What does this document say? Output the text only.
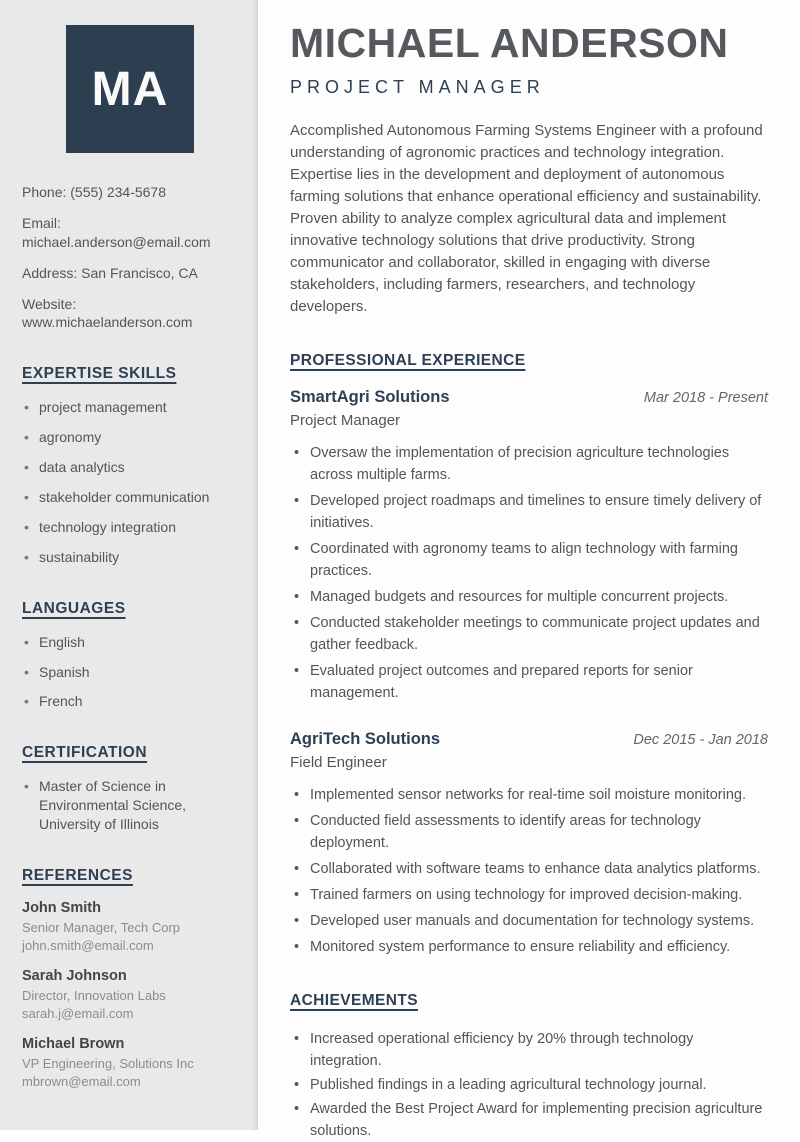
MA
Phone: (555) 234-5678
Email: michael.anderson@email.com
Address: San Francisco, CA
Website: www.michaelanderson.com
EXPERTISE SKILLS
• project management
• agronomy
• data analytics
• stakeholder communication
• technology integration
• sustainability
LANGUAGES
• English
• Spanish
• French
CERTIFICATION
• Master of Science in Environmental Science, University of Illinois
REFERENCES
John Smith
Senior Manager, Tech Corp
john.smith@email.com
Sarah Johnson
Director, Innovation Labs
sarah.j@email.com
Michael Brown
VP Engineering, Solutions Inc
mbrown@email.com
MICHAEL ANDERSON
PROJECT MANAGER

Accomplished Autonomous Farming Systems Engineer with a profound understanding of agronomic practices and technology integration. Expertise lies in the development and deployment of autonomous farming solutions that enhance operational efficiency and sustainability. Proven ability to analyze complex agricultural data and implement innovative technology solutions that drive productivity. Strong communicator and collaborator, skilled in engaging with diverse stakeholders, including farmers, researchers, and technology developers.

PROFESSIONAL EXPERIENCE
SmartAgri Solutions	Mar 2018 - Present
Project Manager
• Oversaw the implementation of precision agriculture technologies across multiple farms.
• Developed project roadmaps and timelines to ensure timely delivery of initiatives.
• Coordinated with agronomy teams to align technology with farming practices.
• Managed budgets and resources for multiple concurrent projects.
• Conducted stakeholder meetings to communicate project updates and gather feedback.
• Evaluated project outcomes and prepared reports for senior management.
AgriTech Solutions	Dec 2015 - Jan 2018
Field Engineer
• Implemented sensor networks for real-time soil moisture monitoring.
• Conducted field assessments to identify areas for technology deployment.
• Collaborated with software teams to enhance data analytics platforms.
• Trained farmers on using technology for improved decision-making.
• Developed user manuals and documentation for technology systems.
• Monitored system performance to ensure reliability and efficiency.
ACHIEVEMENTS
• Increased operational efficiency by 20% through technology integration.
• Published findings in a leading agricultural technology journal.
• Awarded the Best Project Award for implementing precision agriculture solutions.
